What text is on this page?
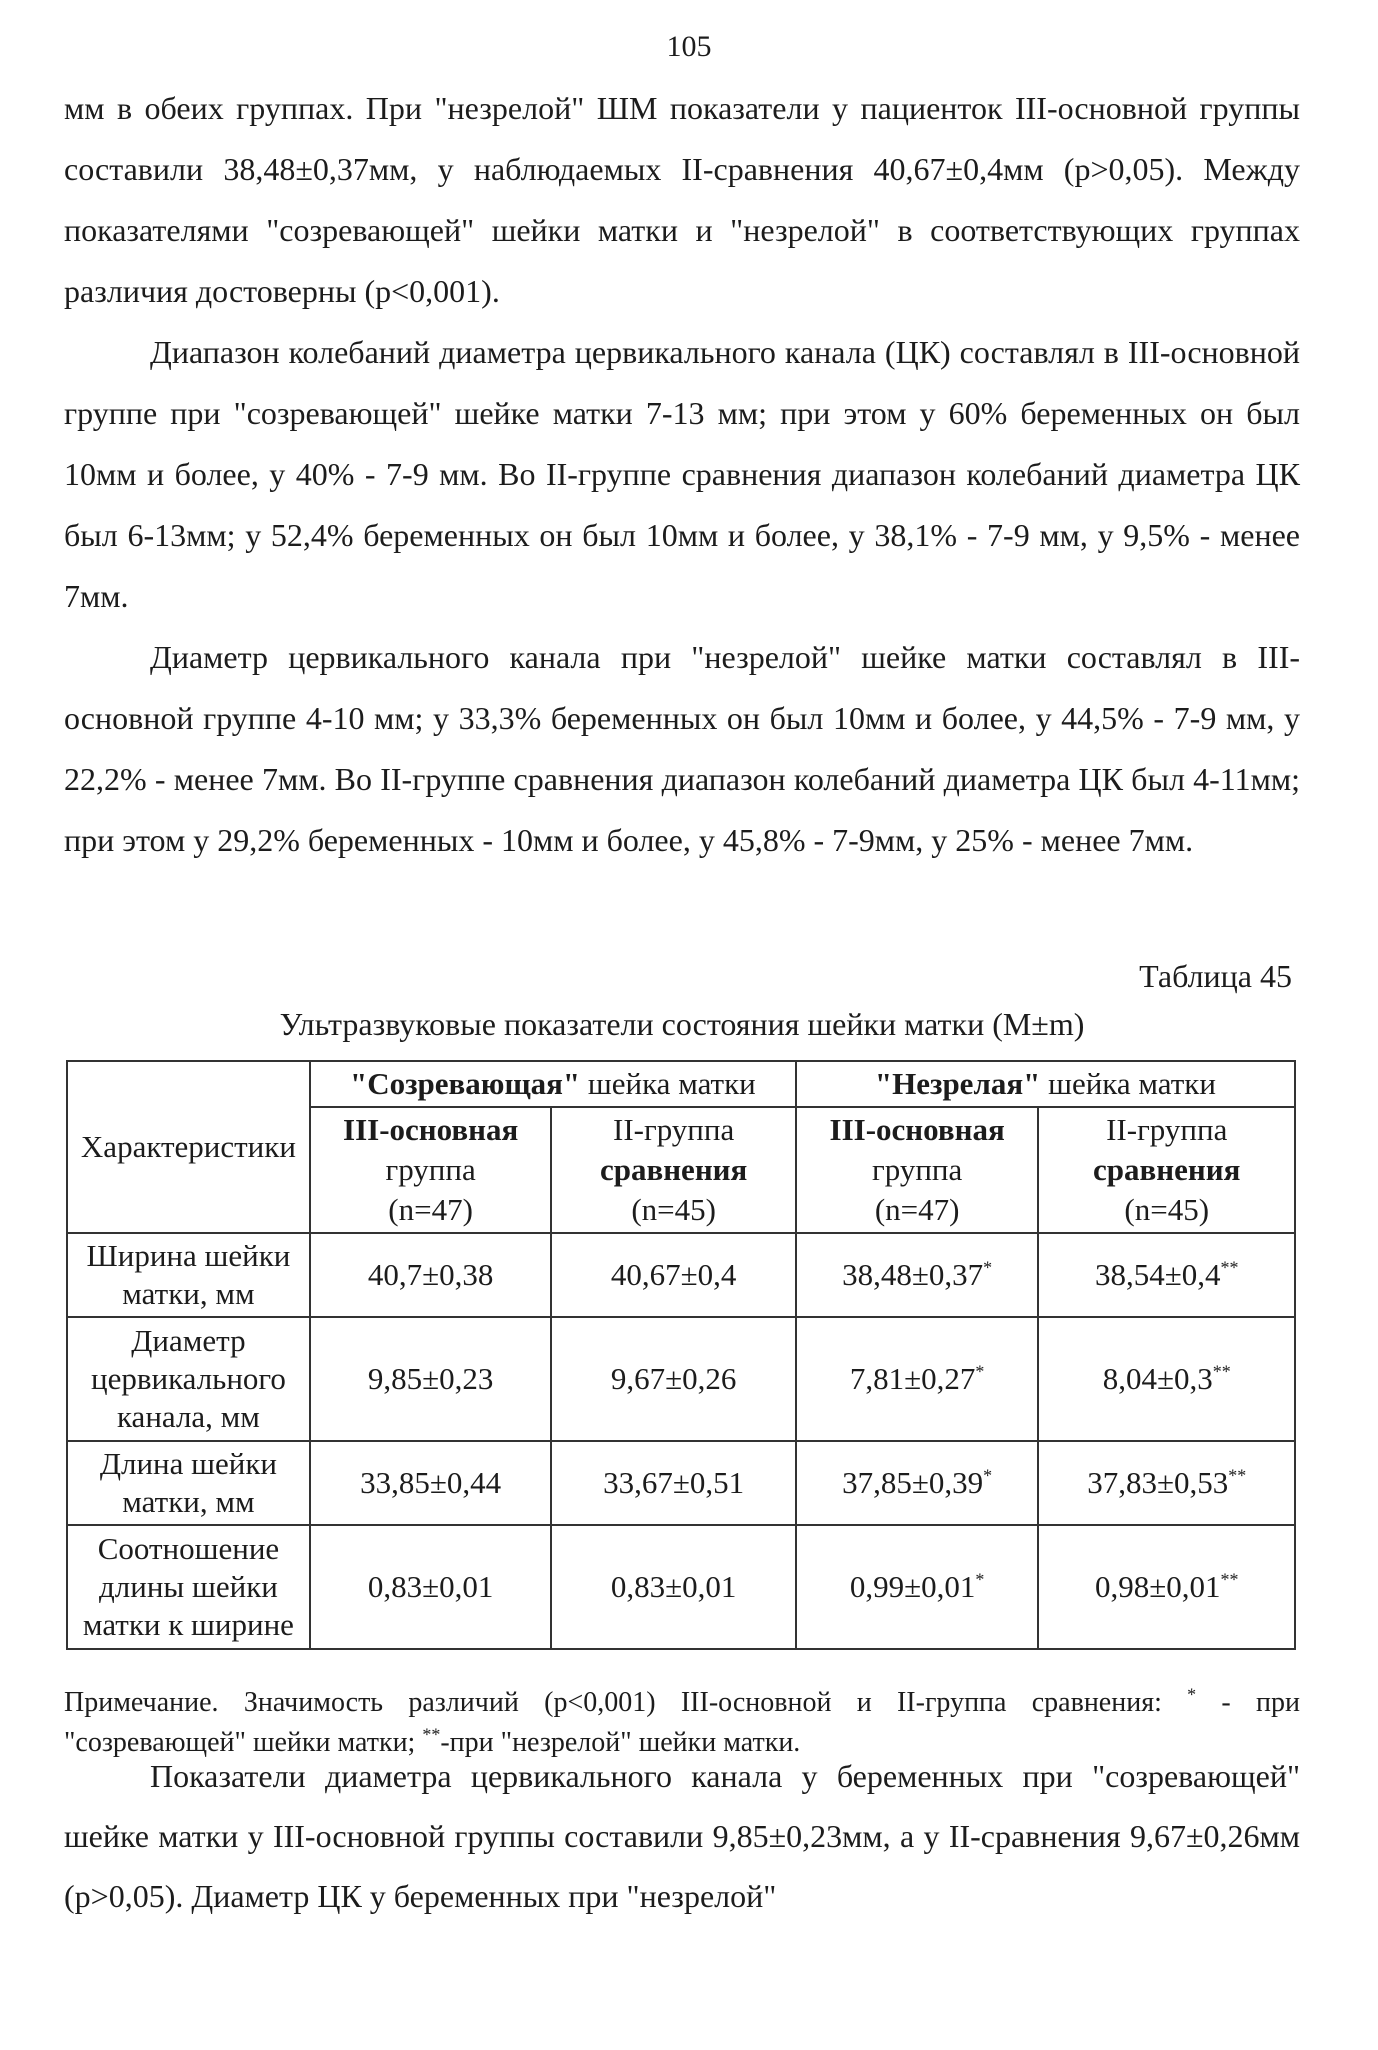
105

мм в обеих группах. При "незрелой" ШМ показатели у пациенток III-основной группы составили 38,48±0,37мм, у наблюдаемых II-сравнения 40,67±0,4мм (p>0,05). Между показателями "созревающей" шейки матки и "незрелой" в соответствующих группах различия достоверны (p<0,001).

Диапазон колебаний диаметра цервикального канала (ЦК) составлял в III-основной группе при "созревающей" шейке матки 7-13 мм; при этом у 60% беременных он был 10мм и более, у 40% - 7-9 мм. Во II-группе сравнения диапазон колебаний диаметра ЦК был 6-13мм; у 52,4% беременных он был 10мм и более, у 38,1% - 7-9 мм, у 9,5% - менее 7мм.

Диаметр цервикального канала при "незрелой" шейке матки составлял в III-основной группе 4-10 мм; у 33,3% беременных он был 10мм и более, у 44,5% - 7-9 мм, у 22,2% - менее 7мм. Во II-группе сравнения диапазон колебаний диаметра ЦК был 4-11мм; при этом у 29,2% беременных - 10мм и более, у 45,8% - 7-9мм, у 25% - менее 7мм.

Таблица 45
Ультразвуковые показатели состояния шейки матки (M±m)
Характеристики	"Созревающая" шейка матки		"Незрелая" шейка матки	
	III-основная
группа
(n=47)	II-группа
сравнения
(n=45)	III-основная
группа
(n=47)	II-группа
сравнения
(n=45)
Ширина шейки матки, мм	40,7±0,38	40,67±0,4	38,48±0,37*	38,54±0,4**
Диаметр цервикального канала, мм	9,85±0,23	9,67±0,26	7,81±0,27*	8,04±0,3**
Длина шейки матки, мм	33,85±0,44	33,67±0,51	37,85±0,39*	37,83±0,53**
Соотношение длины шейки матки к ширине	0,83±0,01	0,83±0,01	0,99±0,01*	0,98±0,01**
Примечание. Значимость различий (p<0,001) III-основной и II-группа сравнения: * - при "созревающей" шейки матки; **-при "незрелой" шейки матки.

Показатели диаметра цервикального канала у беременных при "созревающей" шейке матки у III-основной группы составили 9,85±0,23мм, а у II-сравнения 9,67±0,26мм (p>0,05). Диаметр ЦК у беременных при "незрелой"
